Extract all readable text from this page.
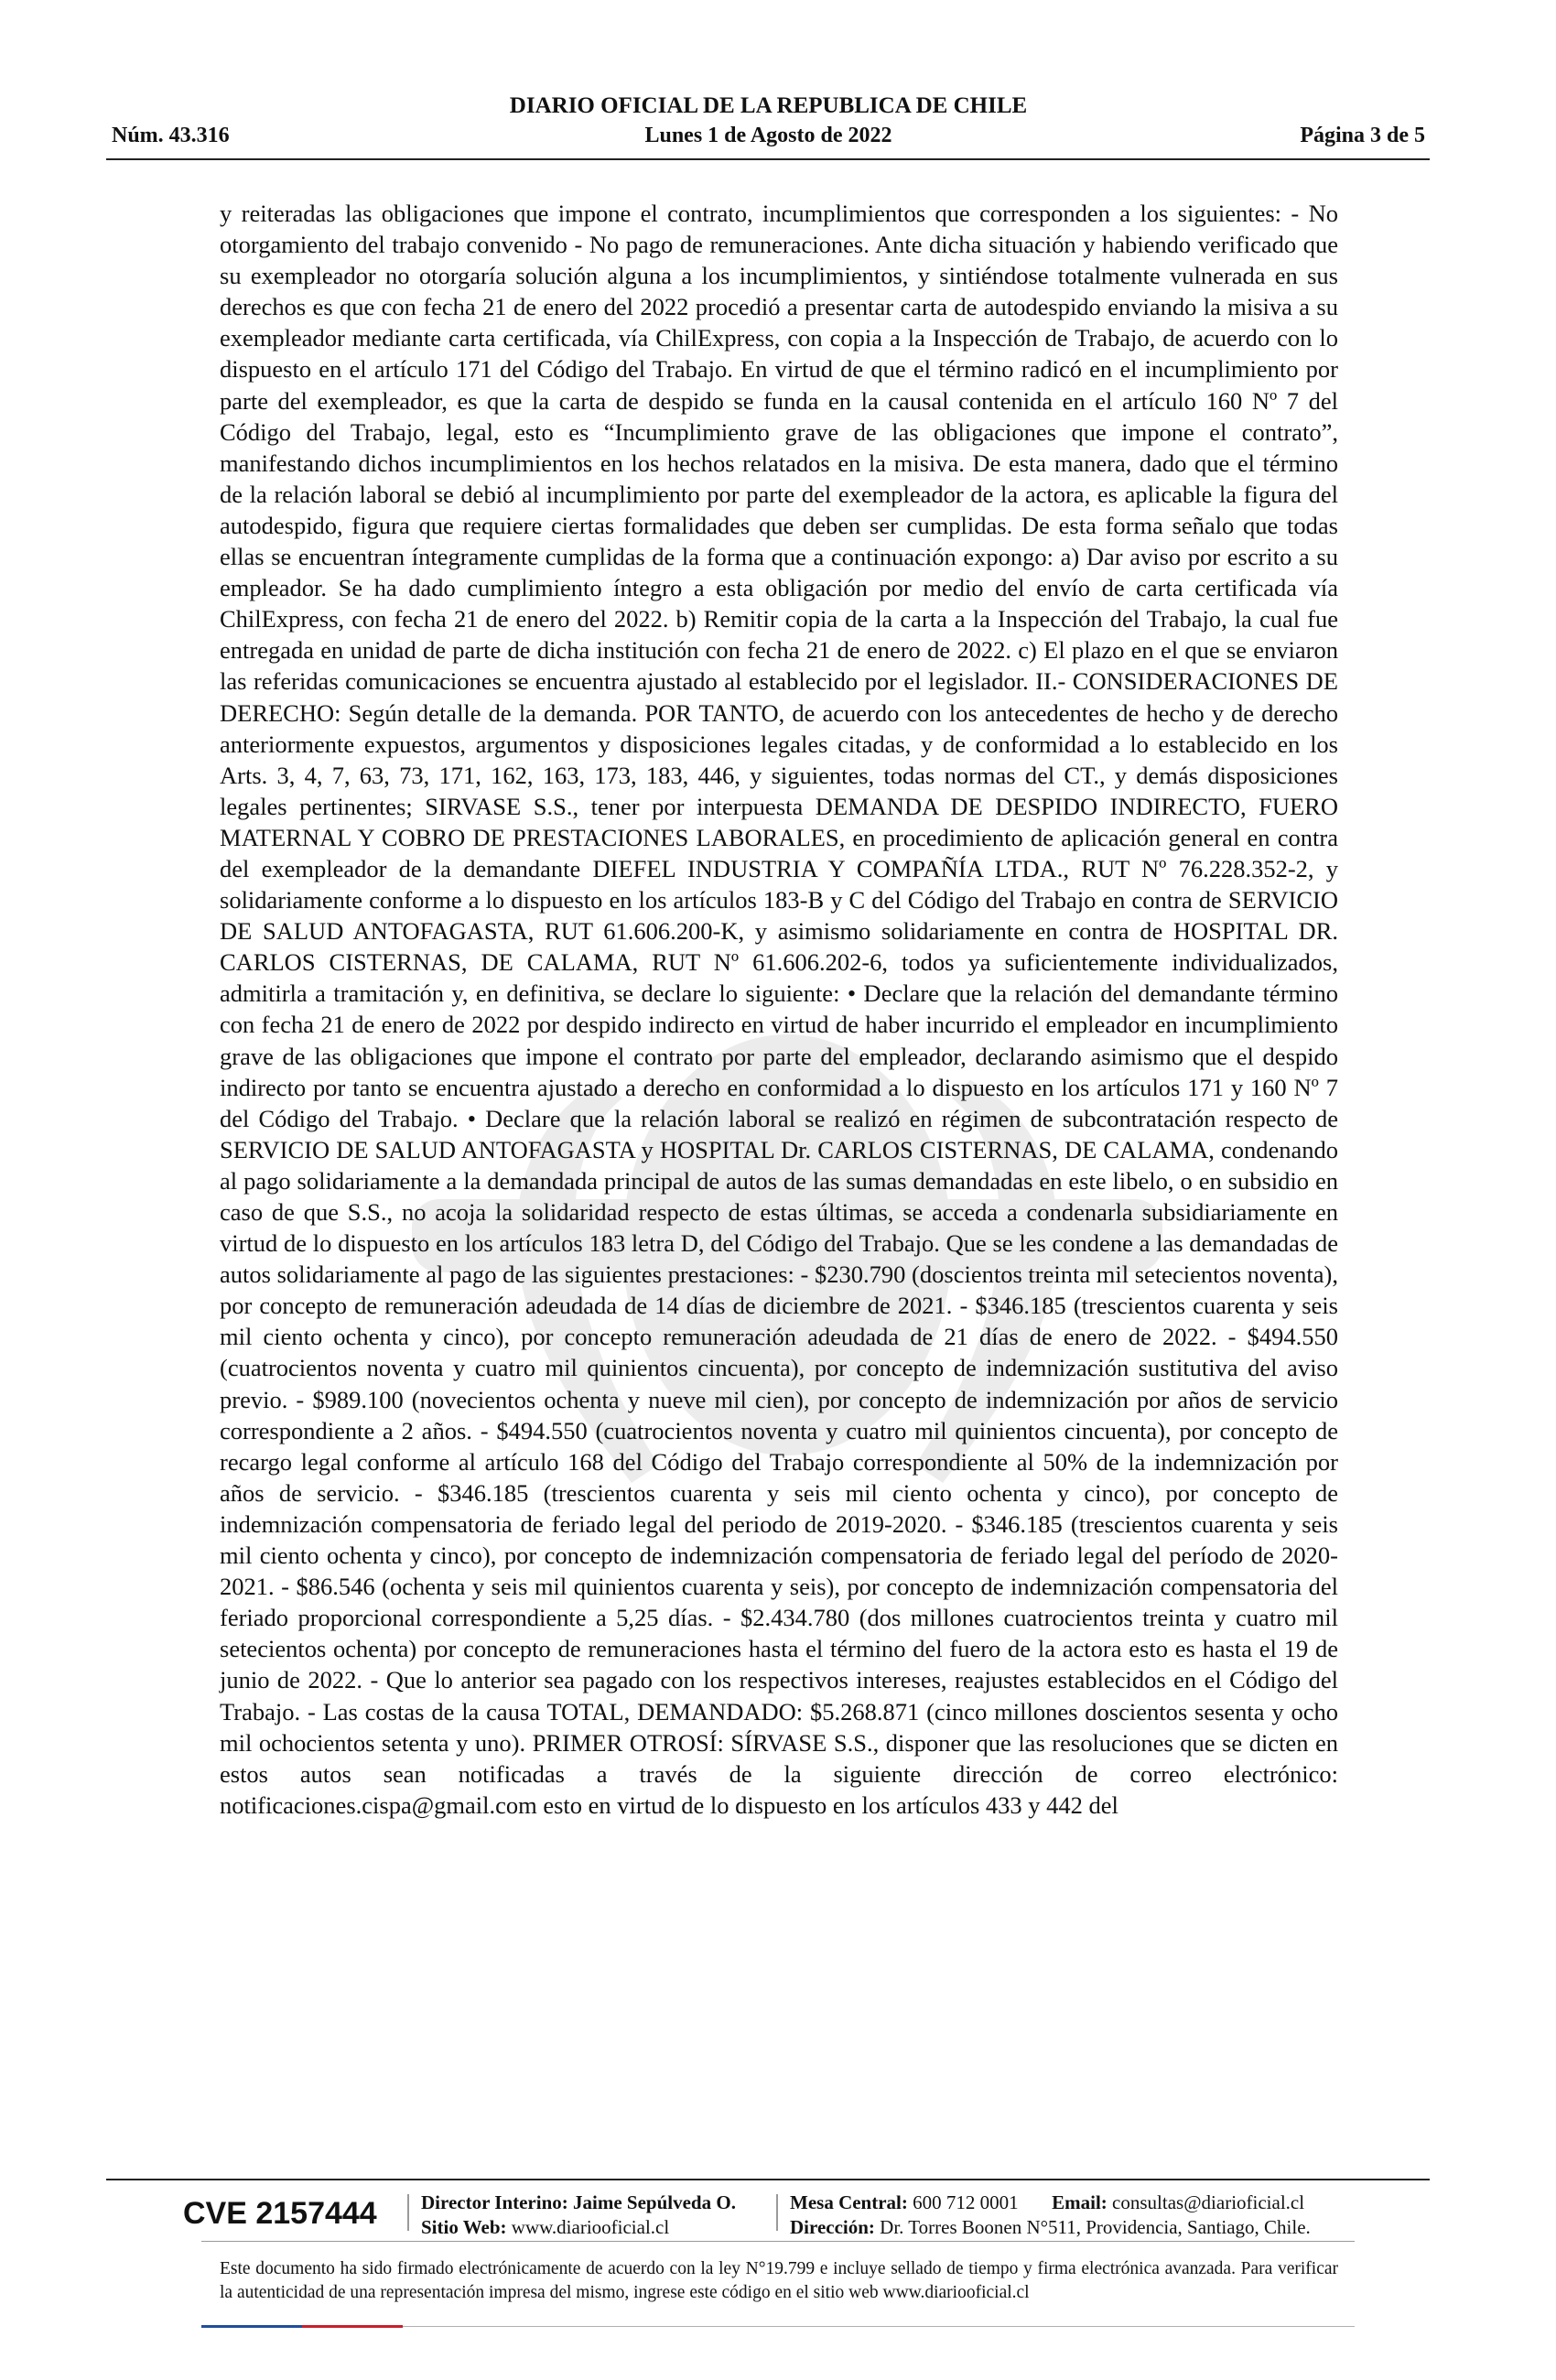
DIARIO OFICIAL DE LA REPUBLICA DE CHILE
Núm. 43.316	Lunes 1 de Agosto de 2022	Página 3 de 5

y reiteradas las obligaciones que impone el contrato, incumplimientos que corresponden a los siguientes: - No otorgamiento del trabajo convenido - No pago de remuneraciones. Ante dicha situación y habiendo verificado que su exempleador no otorgaría solución alguna a los incumplimientos, y sintiéndose totalmente vulnerada en sus derechos es que con fecha 21 de enero del 2022 procedió a presentar carta de autodespido enviando la misiva a su exempleador mediante carta certificada, vía ChilExpress, con copia a la Inspección de Trabajo, de acuerdo con lo dispuesto en el artículo 171 del Código del Trabajo. En virtud de que el término radicó en el incumplimiento por parte del exempleador, es que la carta de despido se funda en la causal contenida en el artículo 160 Nº 7 del Código del Trabajo, legal, esto es “Incumplimiento grave de las obligaciones que impone el contrato”, manifestando dichos incumplimientos en los hechos relatados en la misiva. De esta manera, dado que el término de la relación laboral se debió al incumplimiento por parte del exempleador de la actora, es aplicable la figura del autodespido, figura que requiere ciertas formalidades que deben ser cumplidas. De esta forma señalo que todas ellas se encuentran íntegramente cumplidas de la forma que a continuación expongo: a) Dar aviso por escrito a su empleador. Se ha dado cumplimiento íntegro a esta obligación por medio del envío de carta certificada vía ChilExpress, con fecha 21 de enero del 2022. b) Remitir copia de la carta a la Inspección del Trabajo, la cual fue entregada en unidad de parte de dicha institución con fecha 21 de enero de 2022. c) El plazo en el que se enviaron las referidas comunicaciones se encuentra ajustado al establecido por el legislador. II.- CONSIDERACIONES DE DERECHO: Según detalle de la demanda. POR TANTO, de acuerdo con los antecedentes de hecho y de derecho anteriormente expuestos, argumentos y disposiciones legales citadas, y de conformidad a lo establecido en los Arts. 3, 4, 7, 63, 73, 171, 162, 163, 173, 183, 446, y siguientes, todas normas del CT., y demás disposiciones legales pertinentes; SIRVASE S.S., tener por interpuesta DEMANDA DE DESPIDO INDIRECTO, FUERO MATERNAL Y COBRO DE PRESTACIONES LABORALES, en procedimiento de aplicación general en contra del exempleador de la demandante DIEFEL INDUSTRIA Y COMPAÑÍA LTDA., RUT Nº 76.228.352-2, y solidariamente conforme a lo dispuesto en los artículos 183-B y C del Código del Trabajo en contra de SERVICIO DE SALUD ANTOFAGASTA, RUT 61.606.200-K, y asimismo solidariamente en contra de HOSPITAL DR. CARLOS CISTERNAS, DE CALAMA, RUT Nº 61.606.202-6, todos ya suficientemente individualizados, admitirla a tramitación y, en definitiva, se declare lo siguiente: • Declare que la relación del demandante término con fecha 21 de enero de 2022 por despido indirecto en virtud de haber incurrido el empleador en incumplimiento grave de las obligaciones que impone el contrato por parte del empleador, declarando asimismo que el despido indirecto por tanto se encuentra ajustado a derecho en conformidad a lo dispuesto en los artículos 171 y 160 Nº 7 del Código del Trabajo. • Declare que la relación laboral se realizó en régimen de subcontratación respecto de SERVICIO DE SALUD ANTOFAGASTA y HOSPITAL Dr. CARLOS CISTERNAS, DE CALAMA, condenando al pago solidariamente a la demandada principal de autos de las sumas demandadas en este libelo, o en subsidio en caso de que S.S., no acoja la solidaridad respecto de estas últimas, se acceda a condenarla subsidiariamente en virtud de lo dispuesto en los artículos 183 letra D, del Código del Trabajo. Que se les condene a las demandadas de autos solidariamente al pago de las siguientes prestaciones: - $230.790 (doscientos treinta mil setecientos noventa), por concepto de remuneración adeudada de 14 días de diciembre de 2021. - $346.185 (trescientos cuarenta y seis mil ciento ochenta y cinco), por concepto remuneración adeudada de 21 días de enero de 2022. - $494.550 (cuatrocientos noventa y cuatro mil quinientos cincuenta), por concepto de indemnización sustitutiva del aviso previo. - $989.100 (novecientos ochenta y nueve mil cien), por concepto de indemnización por años de servicio correspondiente a 2 años. - $494.550 (cuatrocientos noventa y cuatro mil quinientos cincuenta), por concepto de recargo legal conforme al artículo 168 del Código del Trabajo correspondiente al 50% de la indemnización por años de servicio. - $346.185 (trescientos cuarenta y seis mil ciento ochenta y cinco), por concepto de indemnización compensatoria de feriado legal del periodo de 2019-2020. - $346.185 (trescientos cuarenta y seis mil ciento ochenta y cinco), por concepto de indemnización compensatoria de feriado legal del período de 2020-2021. - $86.546 (ochenta y seis mil quinientos cuarenta y seis), por concepto de indemnización compensatoria del feriado proporcional correspondiente a 5,25 días. - $2.434.780 (dos millones cuatrocientos treinta y cuatro mil setecientos ochenta) por concepto de remuneraciones hasta el término del fuero de la actora esto es hasta el 19 de junio de 2022. - Que lo anterior sea pagado con los respectivos intereses, reajustes establecidos en el Código del Trabajo. - Las costas de la causa TOTAL, DEMANDADO: $5.268.871 (cinco millones doscientos sesenta y ocho mil ochocientos setenta y uno). PRIMER OTROSÍ: SÍRVASE S.S., disponer que las resoluciones que se dicten en estos autos sean notificadas a través de la siguiente dirección de correo electrónico: notificaciones.cispa@gmail.com esto en virtud de lo dispuesto en los artículos 433 y 442 del

CVE 2157444 Director Interino: Jaime Sepúlveda O.
Sitio Web: www.diariooficial.cl
Mesa Central: 600 712 0001 Email: consultas@diarioficial.cl
Dirección: Dr. Torres Boonen N°511, Providencia, Santiago, Chile.
Este documento ha sido firmado electrónicamente de acuerdo con la ley N°19.799 e incluye sellado de tiempo y firma electrónica avanzada. Para verificar la autenticidad de una representación impresa del mismo, ingrese este código en el sitio web www.diariooficial.cl
